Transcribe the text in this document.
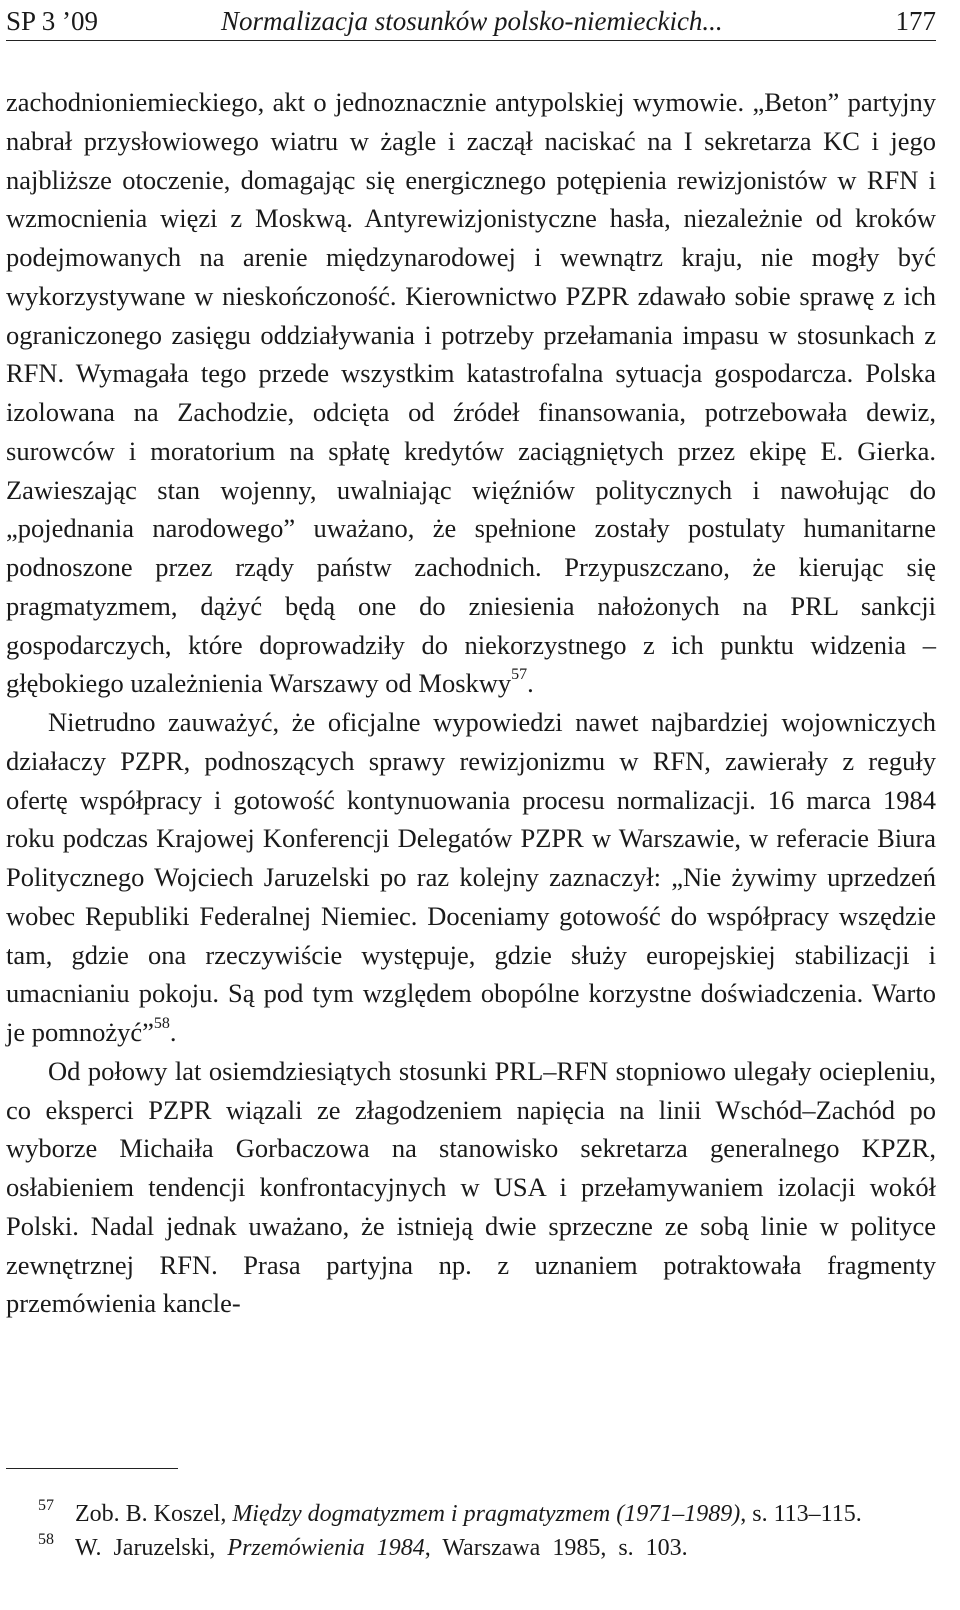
SP 3 ’09	Normalizacja stosunków polsko-niemieckich...	177

zachodnioniemieckiego, akt o jednoznacznie antypolskiej wymowie. „Beton” partyjny nabrał przysłowiowego wiatru w żagle i zaczął naciskać na I sekretarza KC i jego najbliższe otoczenie, domagając się energicznego potępienia rewizjonistów w RFN i wzmocnienia więzi z Moskwą. Antyrewizjonistyczne hasła, niezależnie od kroków podejmowanych na arenie międzynarodowej i wewnątrz kraju, nie mogły być wykorzystywane w nieskończoność. Kierownictwo PZPR zdawało sobie sprawę z ich ograniczonego zasięgu oddziaływania i potrzeby przełamania impasu w stosunkach z RFN. Wymagała tego przede wszystkim katastrofalna sytuacja gospodarcza. Polska izolowana na Zachodzie, odcięta od źródeł finansowania, potrzebowała dewiz, surowców i moratorium na spłatę kredytów zaciągniętych przez ekipę E. Gierka. Zawieszając stan wojenny, uwalniając więźniów politycznych i nawołując do „pojednania narodowego” uważano, że spełnione zostały postulaty humanitarne podnoszone przez rządy państw zachodnich. Przypuszczano, że kierując się pragmatyzmem, dążyć będą one do zniesienia nałożonych na PRL sankcji gospodarczych, które doprowadziły do niekorzystnego z ich punktu widzenia – głębokiego uzależnienia Warszawy od Moskwy$^{57}$.

Nietrudno zauważyć, że oficjalne wypowiedzi nawet najbardziej wojowniczych działaczy PZPR, podnoszących sprawy rewizjonizmu w RFN, zawierały z reguły ofertę współpracy i gotowość kontynuowania procesu normalizacji. 16 marca 1984 roku podczas Krajowej Konferencji Delegatów PZPR w Warszawie, w referacie Biura Politycznego Wojciech Jaruzelski po raz kolejny zaznaczył: „Nie żywimy uprzedzeń wobec Republiki Federalnej Niemiec. Doceniamy gotowość do współpracy wszędzie tam, gdzie ona rzeczywiście występuje, gdzie służy europejskiej stabilizacji i umacnianiu pokoju. Są pod tym względem obopólne korzystne doświadczenia. Warto je pomnożyć”$^{58}$.

Od połowy lat osiemdziesiątych stosunki PRL–RFN stopniowo ulegały ociepleniu, co eksperci PZPR wiązali ze złagodzeniem napięcia na linii Wschód–Zachód po wyborze Michaiła Gorbaczowa na stanowisko sekretarza generalnego KPZR, osłabieniem tendencji konfrontacyjnych w USA i przełamywaniem izolacji wokół Polski. Nadal jednak uważano, że istnieją dwie sprzeczne ze sobą linie w polityce zewnętrznej RFN. Prasa partyjna np. z uznaniem potraktowała fragmenty przemówienia kancle-

57 Zob. B. Koszel, Między dogmatyzmem i pragmatyzmem (1971–1989), s. 113–115.
58 W. Jaruzelski, Przemówienia 1984, Warszawa 1985, s. 103.
